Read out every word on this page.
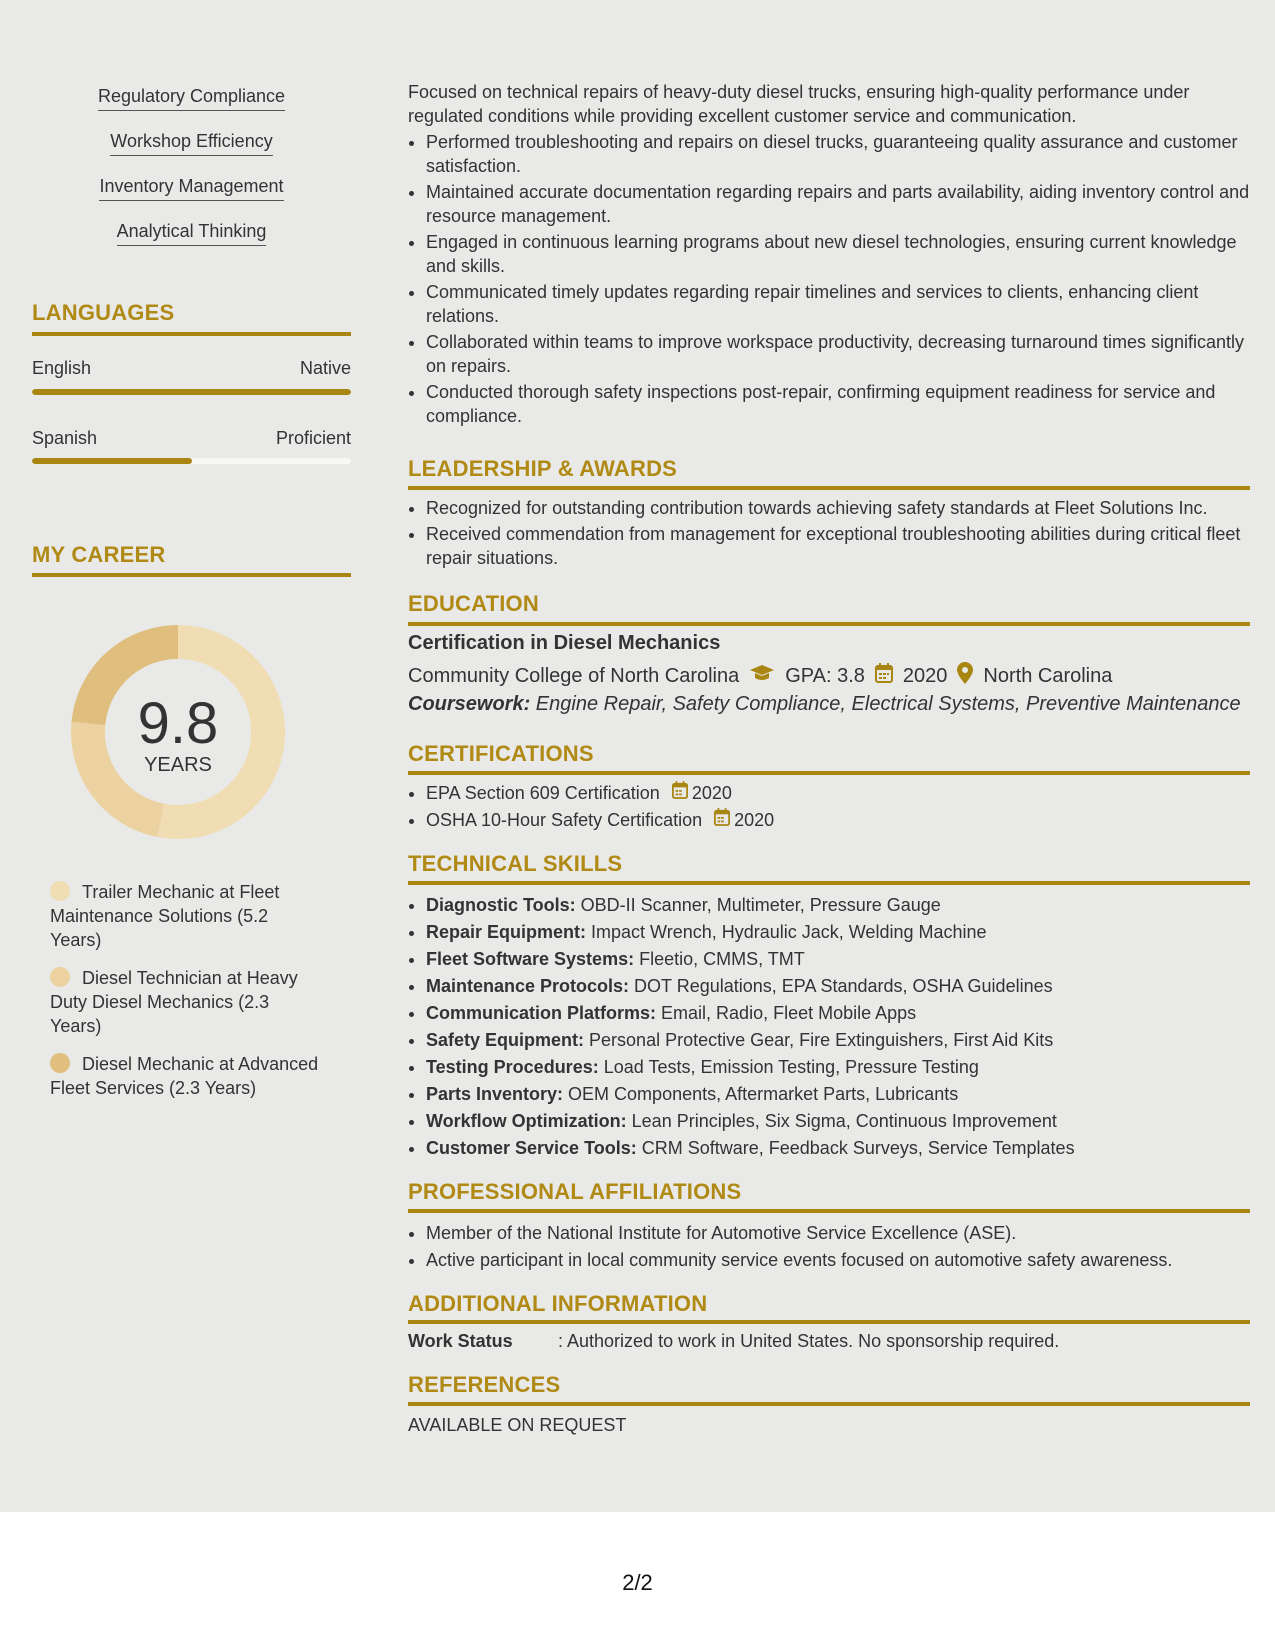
Regulatory Compliance
Workshop Efficiency
Inventory Management
Analytical Thinking
LANGUAGES
English	Native
Spanish	Proficient
MY CAREER
9.8
YEARS
Trailer Mechanic at Fleet Maintenance Solutions (5.2 Years)
Diesel Technician at Heavy Duty Diesel Mechanics (2.3 Years)
Diesel Mechanic at Advanced Fleet Services (2.3 Years)
Focused on technical repairs of heavy-duty diesel trucks, ensuring high-quality performance under regulated conditions while providing excellent customer service and communication.
• Performed troubleshooting and repairs on diesel trucks, guaranteeing quality assurance and customer satisfaction.
• Maintained accurate documentation regarding repairs and parts availability, aiding inventory control and resource management.
• Engaged in continuous learning programs about new diesel technologies, ensuring current knowledge and skills.
• Communicated timely updates regarding repair timelines and services to clients, enhancing client relations.
• Collaborated within teams to improve workspace productivity, decreasing turnaround times significantly on repairs.
• Conducted thorough safety inspections post-repair, confirming equipment readiness for service and compliance.
LEADERSHIP & AWARDS
• Recognized for outstanding contribution towards achieving safety standards at Fleet Solutions Inc.
• Received commendation from management for exceptional troubleshooting abilities during critical fleet repair situations.
EDUCATION
Certification in Diesel Mechanics
Community College of North Carolina GPA: 3.8 2020 North Carolina
Coursework: Engine Repair, Safety Compliance, Electrical Systems, Preventive Maintenance
CERTIFICATIONS
• EPA Section 609 Certification 2020
• OSHA 10-Hour Safety Certification 2020
TECHNICAL SKILLS
• Diagnostic Tools: OBD-II Scanner, Multimeter, Pressure Gauge
• Repair Equipment: Impact Wrench, Hydraulic Jack, Welding Machine
• Fleet Software Systems: Fleetio, CMMS, TMT
• Maintenance Protocols: DOT Regulations, EPA Standards, OSHA Guidelines
• Communication Platforms: Email, Radio, Fleet Mobile Apps
• Safety Equipment: Personal Protective Gear, Fire Extinguishers, First Aid Kits
• Testing Procedures: Load Tests, Emission Testing, Pressure Testing
• Parts Inventory: OEM Components, Aftermarket Parts, Lubricants
• Workflow Optimization: Lean Principles, Six Sigma, Continuous Improvement
• Customer Service Tools: CRM Software, Feedback Surveys, Service Templates
PROFESSIONAL AFFILIATIONS
• Member of the National Institute for Automotive Service Excellence (ASE).
• Active participant in local community service events focused on automotive safety awareness.
ADDITIONAL INFORMATION
Work Status	: Authorized to work in United States. No sponsorship required.
REFERENCES
AVAILABLE ON REQUEST
2/2
